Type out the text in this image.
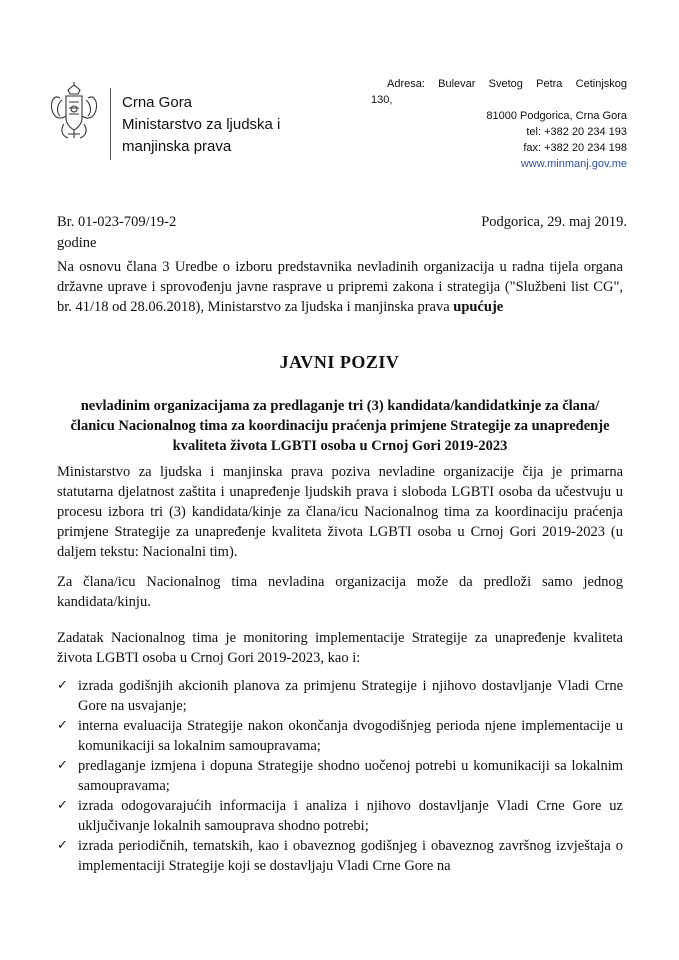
Crna Gora
Ministarstvo za ljudska i
manjinska prava
Adresa: Bulevar Svetog Petra Cetinjskog
130,
81000 Podgorica, Crna Gora
tel: +382 20 234 193
fax: +382 20 234 198
www.minmanj.gov.me
Br. 01-023-709/19-2
godine
Podgorica, 29. maj 2019.
Na osnovu člana 3 Uredbe o izboru predstavnika nevladinih organizacija u radna tijela organa državne uprave i sprovođenju javne rasprave u pripremi zakona i strategija ("Službeni list CG", br. 41/18 od 28.06.2018), Ministarstvo za ljudska i manjinska prava upućuje
JAVNI POZIV
nevladinim organizacijama za predlaganje tri (3) kandidata/kandidatkinje za člana/članicu Nacionalnog tima za koordinaciju praćenja primjene Strategije za unapređenje kvaliteta života LGBTI osoba u Crnoj Gori 2019-2023
Ministarstvo za ljudska i manjinska prava poziva nevladine organizacije čija je primarna statutarna djelatnost zaštita i unapređenje ljudskih prava i sloboda LGBTI osoba da učestvuju u procesu izbora tri (3) kandidata/kinje za člana/icu Nacionalnog tima za koordinaciju praćenja primjene Strategije za unapređenje kvaliteta života LGBTI osoba u Crnoj Gori 2019-2023 (u daljem tekstu: Nacionalni tim).
Za člana/icu Nacionalnog tima nevladina organizacija može da predloži samo jednog kandidata/kinju.
Zadatak Nacionalnog tima je monitoring implementacije Strategije za unapređenje kvaliteta života LGBTI osoba u Crnoj Gori 2019-2023, kao i:
✓ izrada godišnjih akcionih planova za primjenu Strategije i njihovo dostavljanje Vladi Crne Gore na usvajanje;
✓ interna evaluacija Strategije nakon okončanja dvogodišnjeg perioda njene implementacije u komunikaciji sa lokalnim samoupravama;
✓ predlaganje izmjena i dopuna Strategije shodno uočenoj potrebi u komunikaciji sa lokalnim samoupravama;
✓ izrada odogovarajućih informacija i analiza i njihovo dostavljanje Vladi Crne Gore uz uključivanje lokalnih samouprava shodno potrebi;
✓ izrada periodičnih, tematskih, kao i obaveznog godišnjeg i obaveznog završnog izvještaja o implementaciji Strategije koji se dostavljaju Vladi Crne Gore na
